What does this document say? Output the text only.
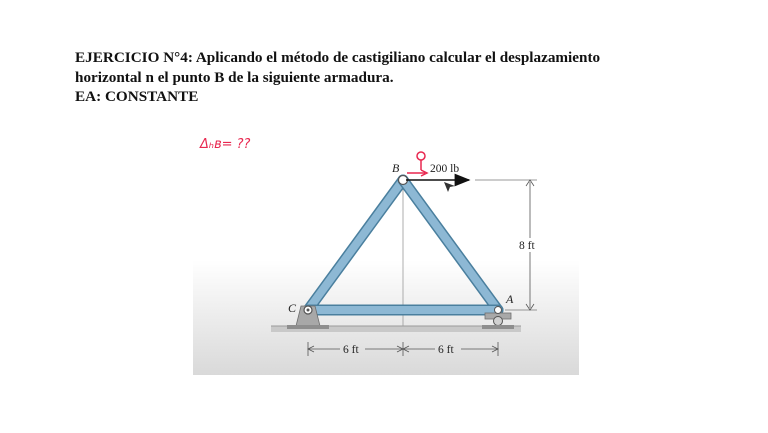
EJERCICIO N°4: Aplicando el método de castigiliano calcular el desplazamiento
horizontal n el punto B de la siguiente armadura.
EA: CONSTANTE
Δₕʙ= ??
200 lb
B
A
C
8 ft
6 ft	6 ft
